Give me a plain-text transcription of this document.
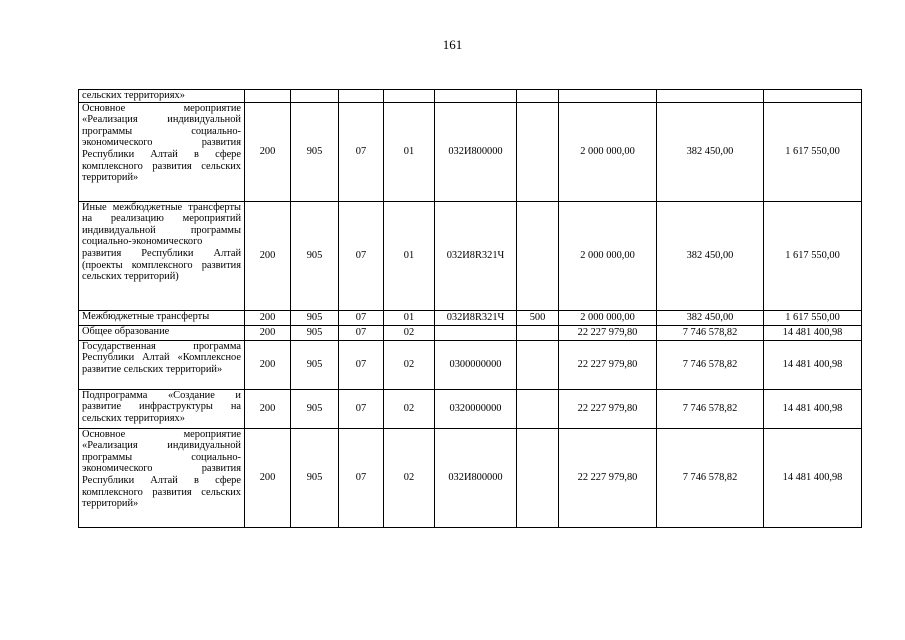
161
сельских территориях»									
Основное мероприятие «Реализация индивидуальной программы социально-экономического развития Республики Алтай в сфере комплексного развития сельских территорий»	200	905	07	01	032И800000		2 000 000,00	382 450,00	1 617 550,00
Иные межбюджетные трансферты на реализацию мероприятий индивидуальной программы социально-экономического развития Республики Алтай (проекты комплексного развития сельских территорий)	200	905	07	01	032И8R321Ч		2 000 000,00	382 450,00	1 617 550,00
Межбюджетные трансферты	200	905	07	01	032И8R321Ч	500	2 000 000,00	382 450,00	1 617 550,00
Общее образование	200	905	07	02			22 227 979,80	7 746 578,82	14 481 400,98
Государственная программа Республики Алтай «Комплексное развитие сельских территорий»	200	905	07	02	0300000000		22 227 979,80	7 746 578,82	14 481 400,98
Подпрограмма «Создание и развитие инфраструктуры на сельских территориях»	200	905	07	02	0320000000		22 227 979,80	7 746 578,82	14 481 400,98
Основное мероприятие «Реализация индивидуальной программы социально-экономического развития Республики Алтай в сфере комплексного развития сельских территорий»	200	905	07	02	032И800000		22 227 979,80	7 746 578,82	14 481 400,98
